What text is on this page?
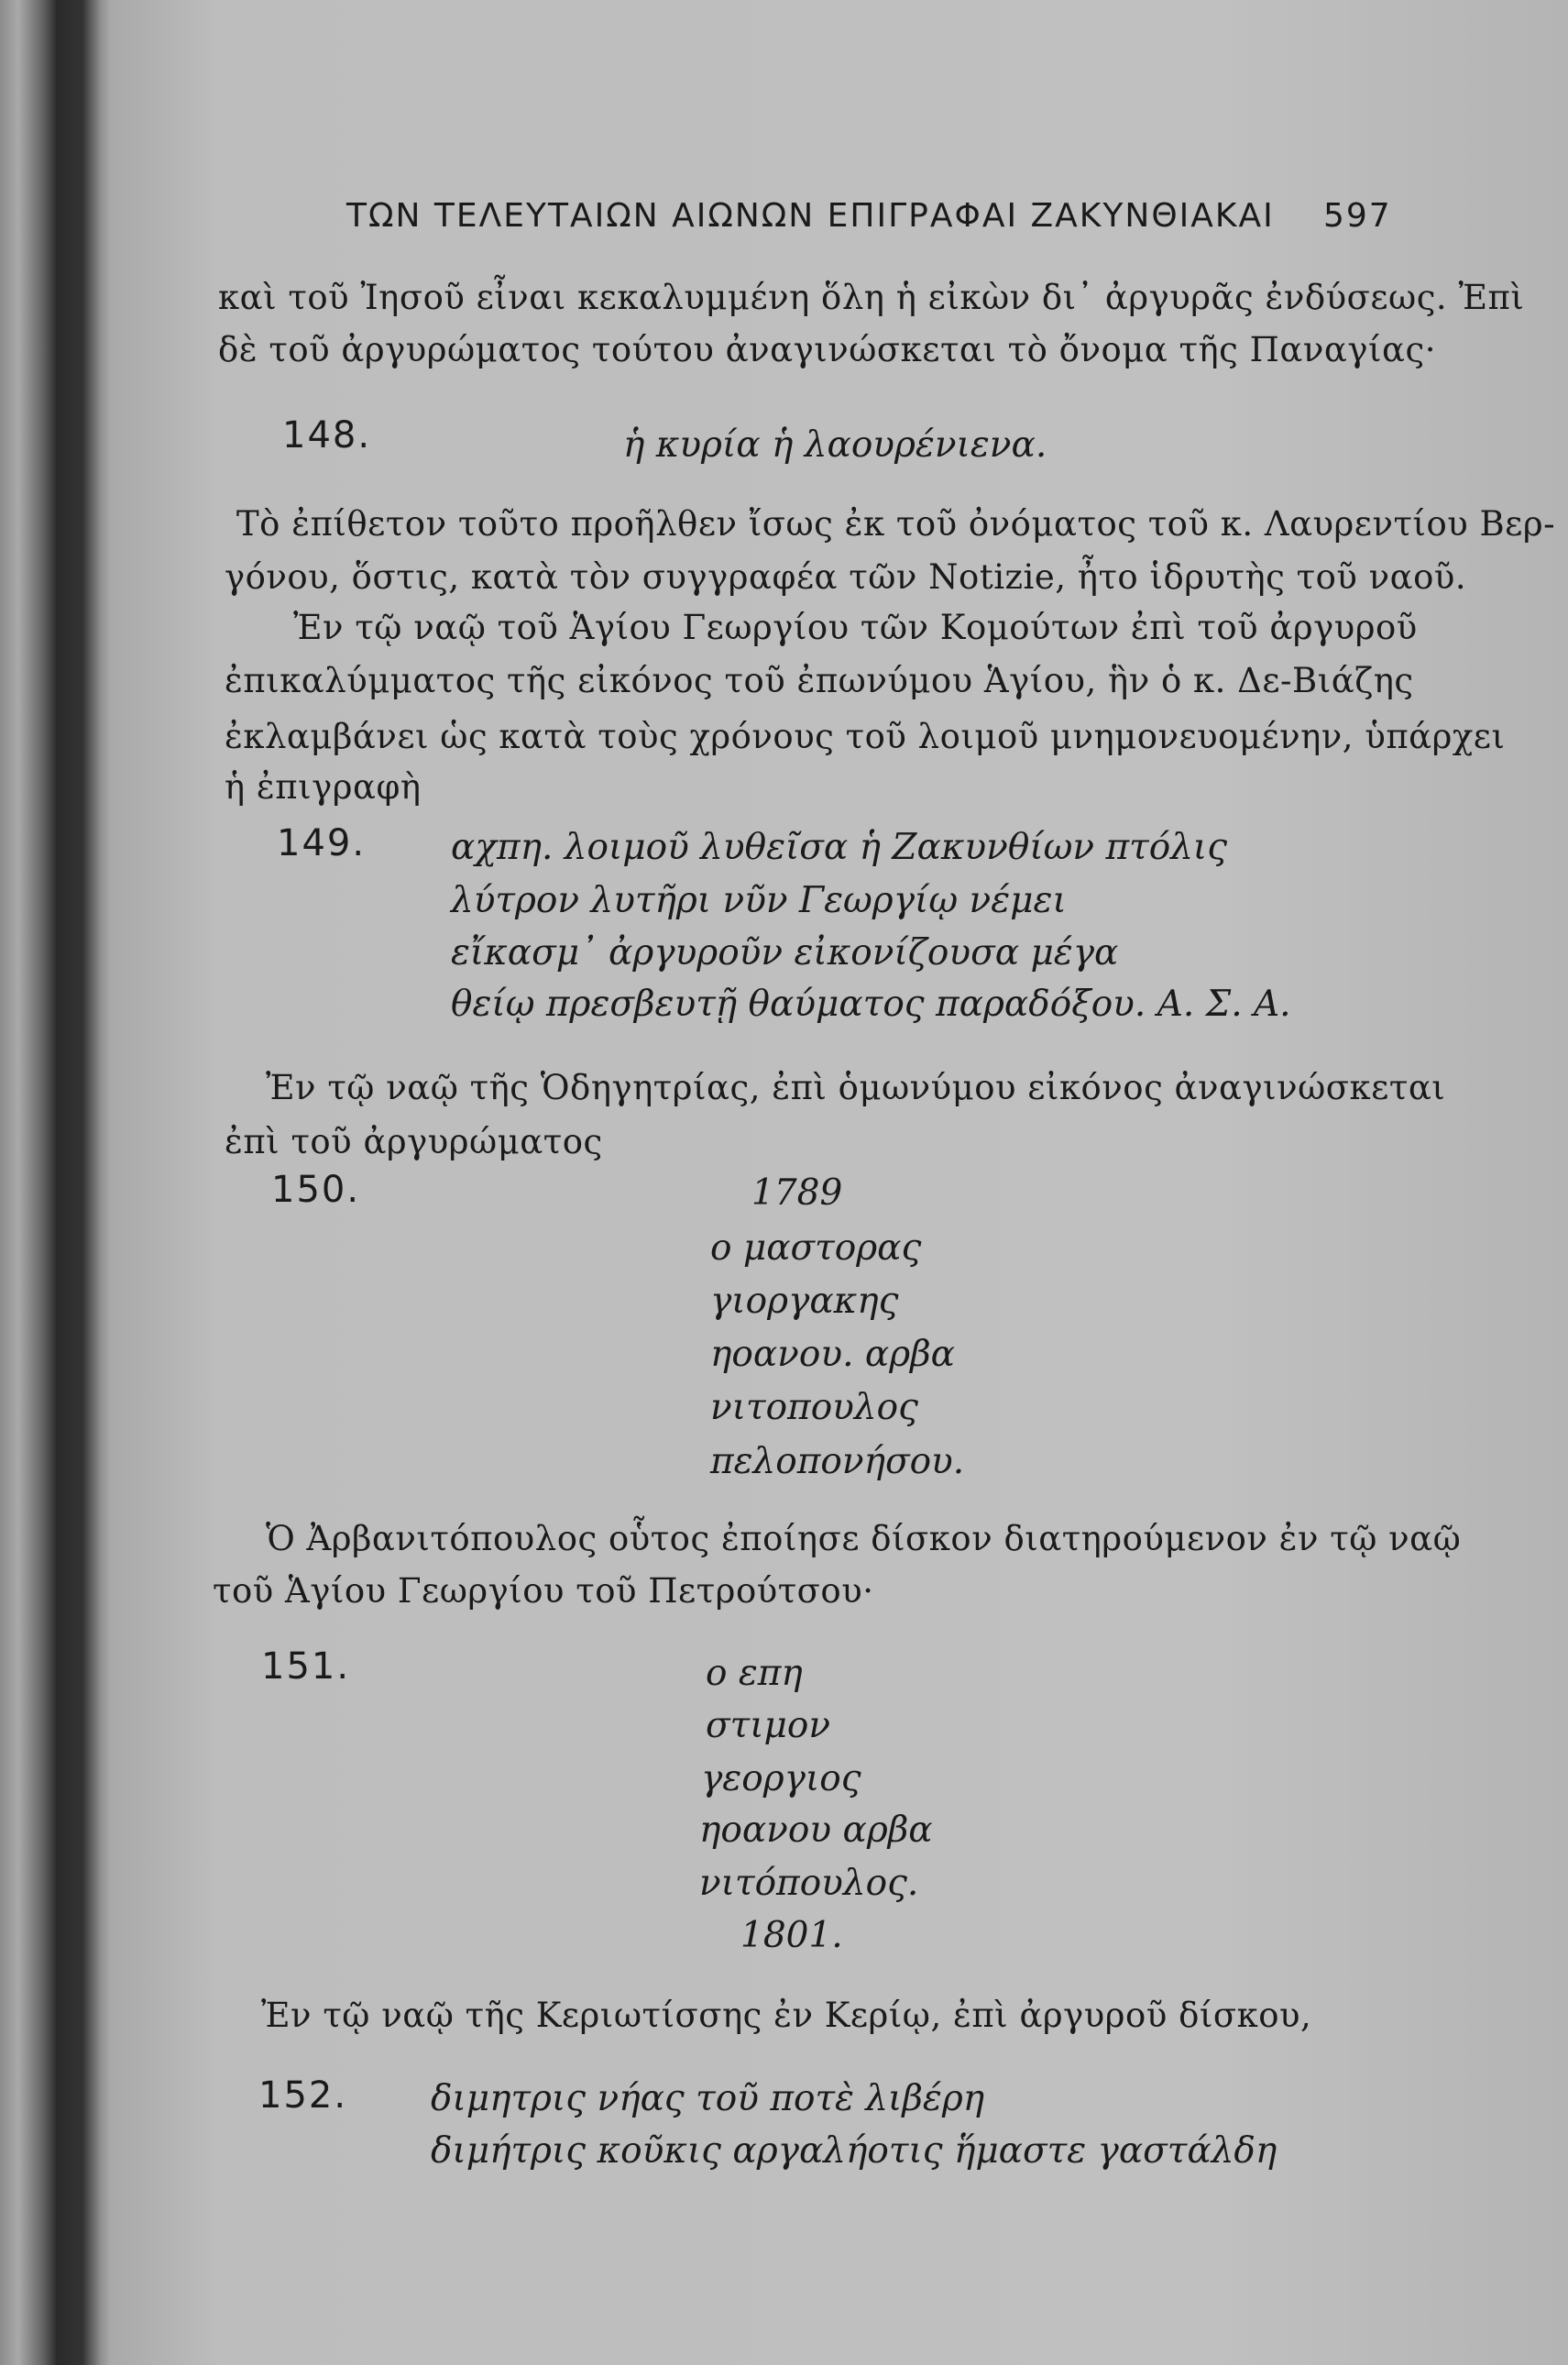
ΤΩΝ ΤΕΛΕΥΤΑΙΩΝ ΑΙΩΝΩΝ ΕΠΙΓΡΑΦΑΙ ΖΑΚΥΝΘΙΑΚΑΙ 597
καὶ τοῦ Ἰησοῦ εἶναι κεκαλυμμένη ὅλη ἡ εἰκὼν δι᾽ ἀργυρᾶς ἐνδύσεως. Ἐπὶ
δὲ τοῦ ἀργυρώματος τούτου ἀναγινώσκεται τὸ ὄνομα τῆς Παναγίας·
148.	ἡ κυρία ἡ λαουρένιενα.
Τὸ ἐπίθετον τοῦτο προῆλθεν ἴσως ἐκ τοῦ ὀνόματος τοῦ κ. Λαυρεντίου Βερ-
γόνου, ὅστις, κατὰ τὸν συγγραφέα τῶν Notizie, ἦτο ἱδρυτὴς τοῦ ναοῦ.
Ἐν τῷ ναῷ τοῦ Ἁγίου Γεωργίου τῶν Κομούτων ἐπὶ τοῦ ἀργυροῦ
ἐπικαλύμματος τῆς εἰκόνος τοῦ ἐπωνύμου Ἁγίου, ἣν ὁ κ. Δε-Βιάζης
ἐκλαμβάνει ὡς κατὰ τοὺς χρόνους τοῦ λοιμοῦ μνημονευομένην, ὑπάρχει
ἡ ἐπιγραφὴ
149. αχπη. λοιμοῦ λυθεῖσα ἡ Ζακυνθίων πτόλις
λύτρον λυτῆρι νῦν Γεωργίῳ νέμει
εἴκασμ᾽ ἀργυροῦν εἰκονίζουσα μέγα
θείῳ πρεσβευτῇ θαύματος παραδόξου. Α. Σ. Α.
Ἐν τῷ ναῷ τῆς Ὁδηγητρίας, ἐπὶ ὁμωνύμου εἰκόνος ἀναγινώσκεται
ἐπὶ τοῦ ἀργυρώματος
150.	1789
ο μαστορας
γιοργακης
ηοανου. αρβα
νιτοπουλος
πελοπονήσου.
Ὁ Ἀρβανιτόπουλος οὗτος ἐποίησε δίσκον διατηρούμενον ἐν τῷ ναῷ
τοῦ Ἁγίου Γεωργίου τοῦ Πετρούτσου·
151.	ο επη
στιμον
γεοργιος
ηοανου αρβα
νιτόπουλος.
1801.
Ἐν τῷ ναῷ τῆς Κεριωτίσσης ἐν Κερίῳ, ἐπὶ ἀργυροῦ δίσκου,
152. διμητρις νήας τοῦ ποτὲ λιβέρη
διμήτρις κοῦκις αργαλήοτις ἥμαστε γαστάλδη
